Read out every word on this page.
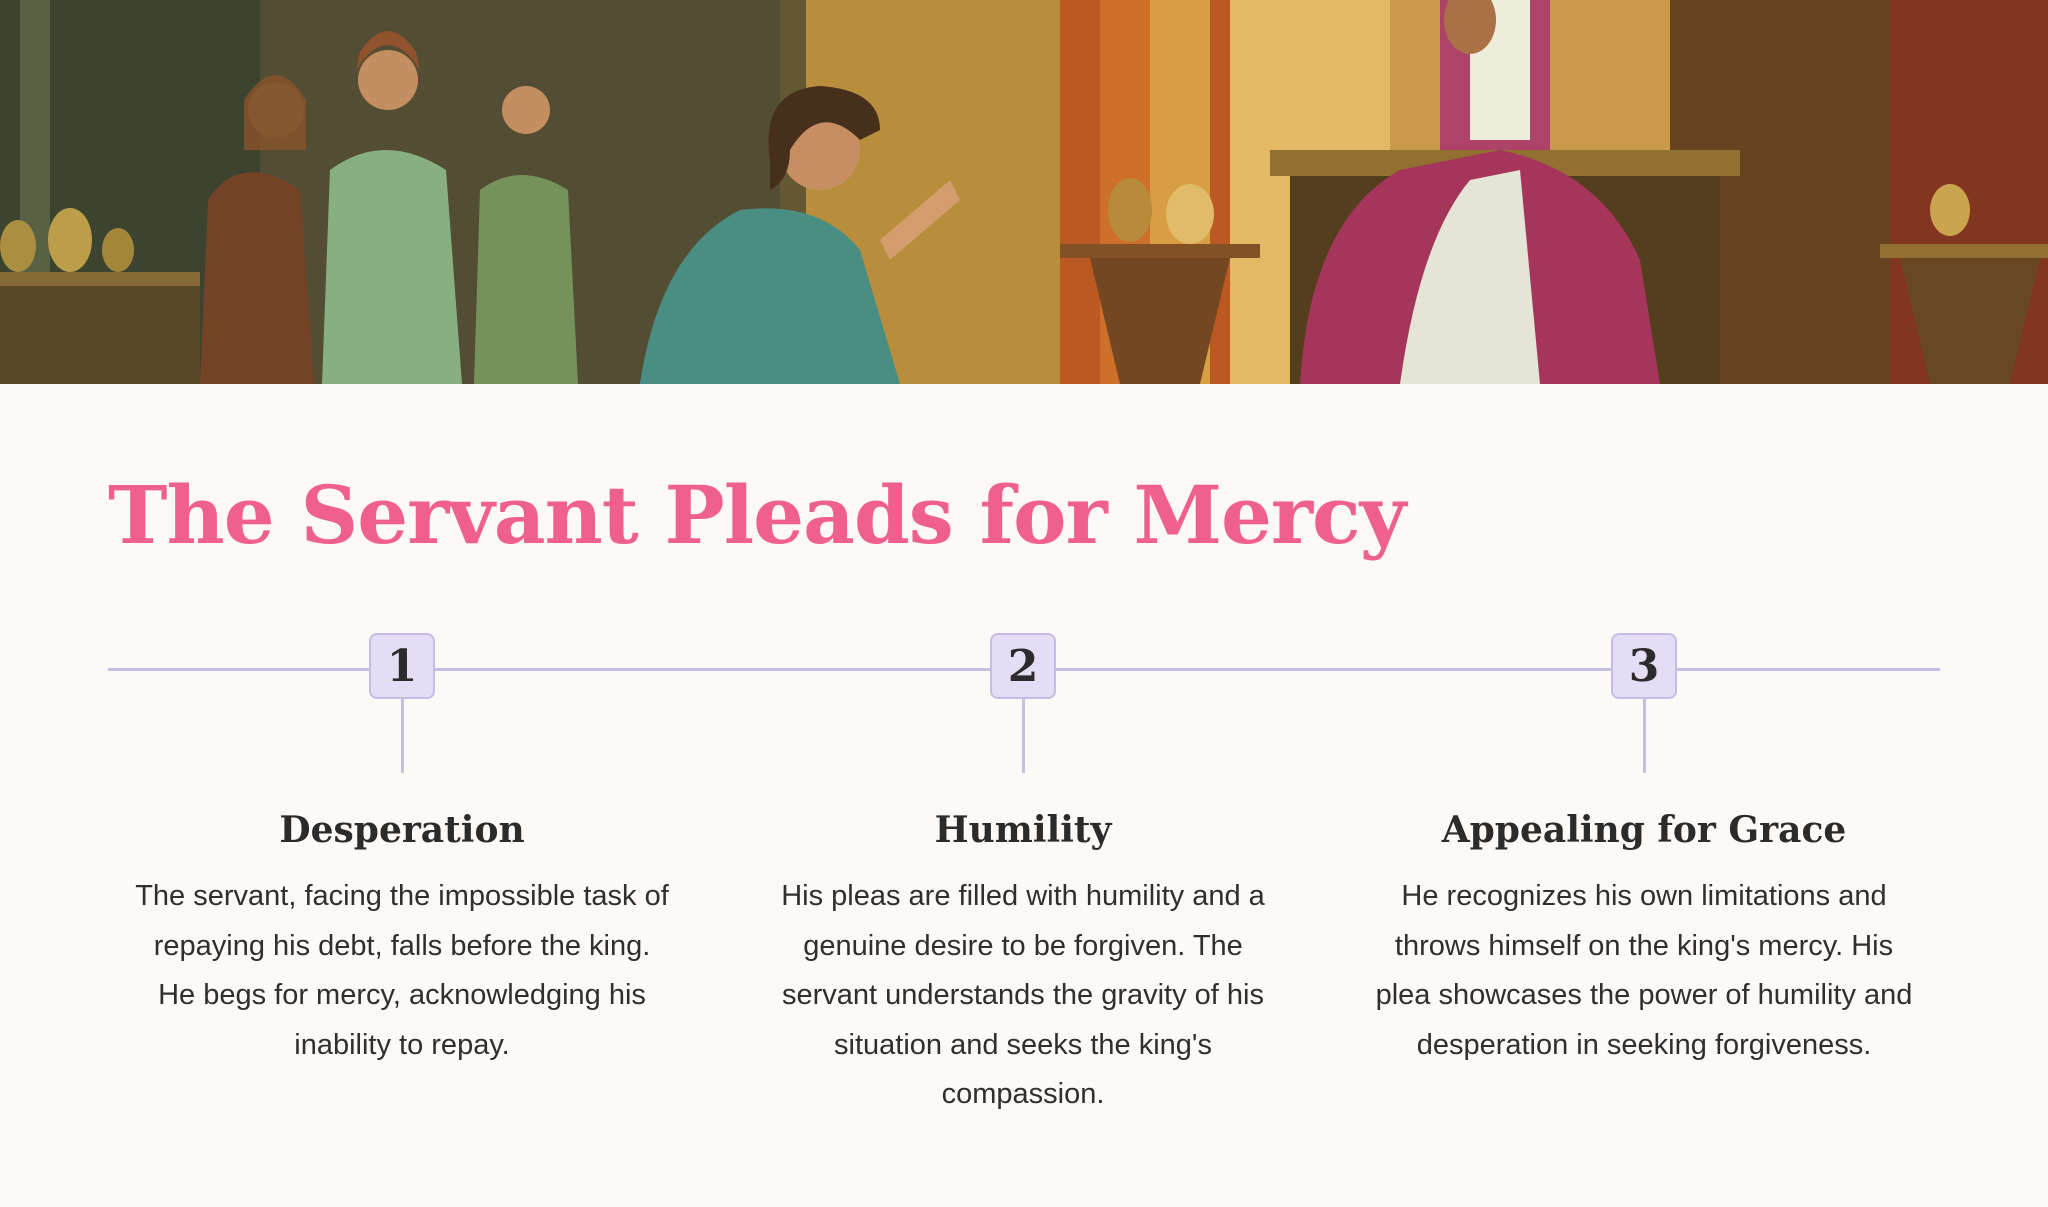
The Servant Pleads for Mercy
1
Desperation

The servant, facing the impossible task of repaying his debt, falls before the king. He begs for mercy, acknowledging his inability to repay.

2
Humility

His pleas are filled with humility and a genuine desire to be forgiven. The servant understands the gravity of his situation and seeks the king's compassion.

3
Appealing for Grace

He recognizes his own limitations and throws himself on the king's mercy. His plea showcases the power of humility and desperation in seeking forgiveness.
